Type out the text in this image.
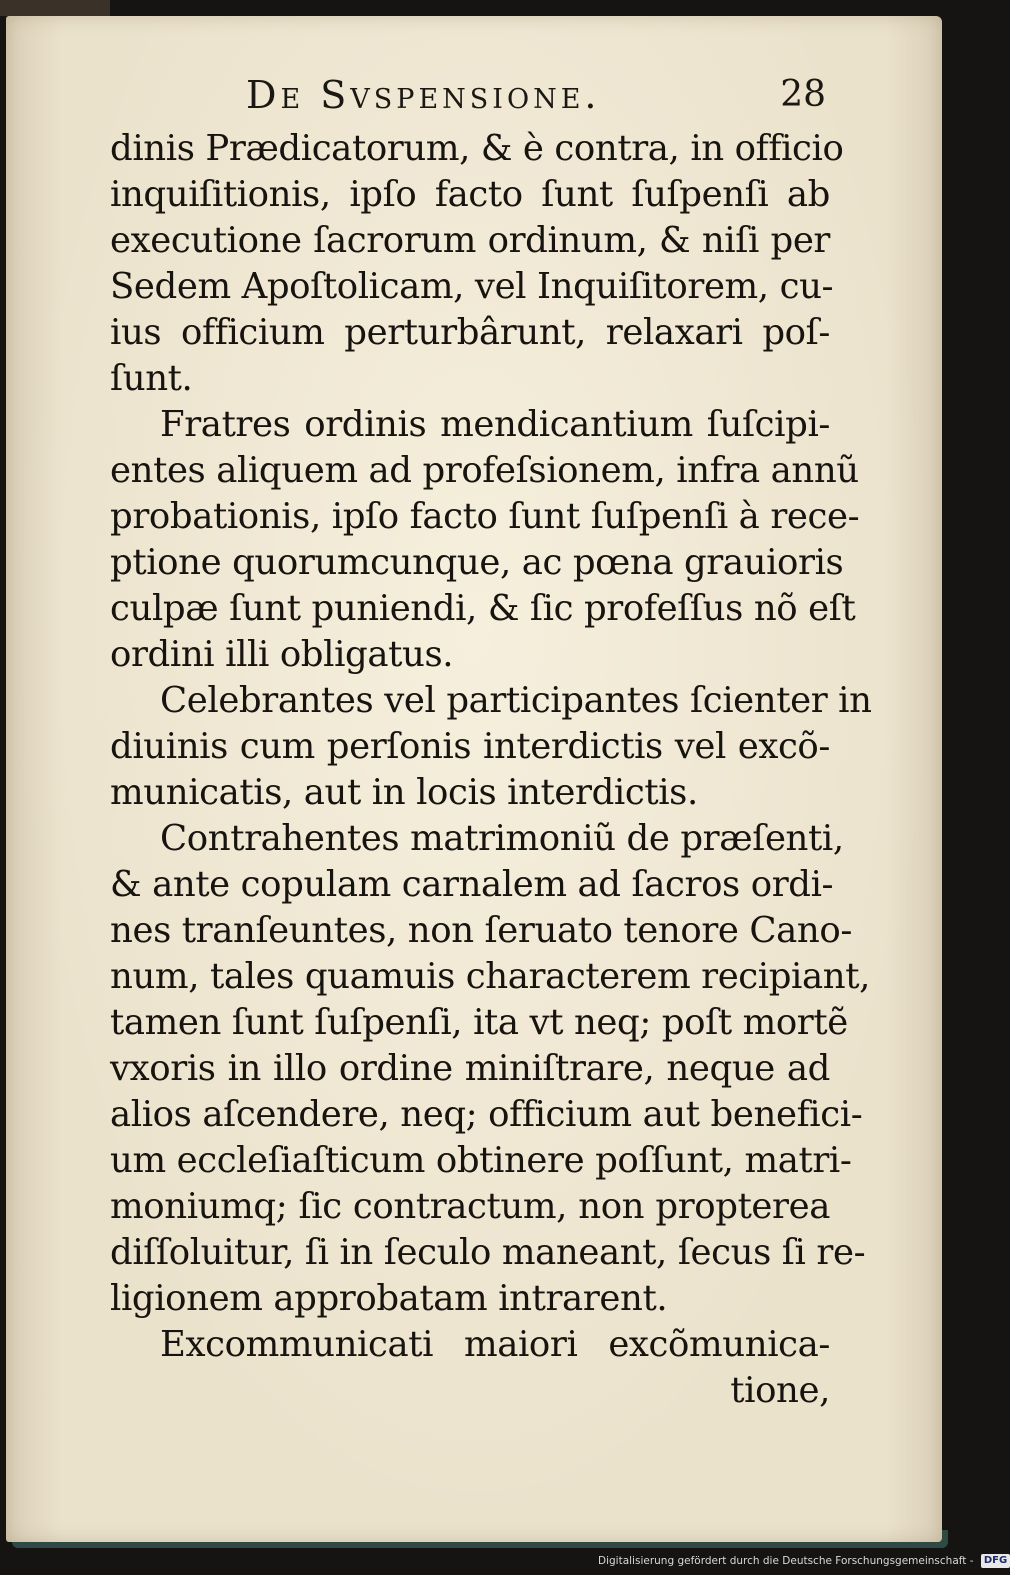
De Svspensione.	28
dinis Prædicatorum, & è contra, in officio
inquiſitionis, ipſo facto ſunt ſuſpenſi ab
executione ſacrorum ordinum, & niſi per
Sedem Apoſtolicam, vel Inquiſitorem, cu-
ius officium perturbârunt, relaxari poſ-
ſunt.
Fratres ordinis mendicantium ſuſcipi-
entes aliquem ad profeſsionem, infra annũ
probationis, ipſo facto ſunt ſuſpenſi à rece-
ptione quorumcunque, ac pœna grauioris
culpæ ſunt puniendi, & ſic profeſſus nõ eſt
ordini illi obligatus.
Celebrantes vel participantes ſcienter in
diuinis cum perſonis interdictis vel excõ-
municatis, aut in locis interdictis.
Contrahentes matrimoniũ de præſenti,
& ante copulam carnalem ad ſacros ordi-
nes tranſeuntes, non ſeruato tenore Cano-
num, tales quamuis characterem recipiant,
tamen ſunt ſuſpenſi, ita vt neq; poſt mortẽ
vxoris in illo ordine miniſtrare, neque ad
alios aſcendere, neq; officium aut benefici-
um eccleſiaſticum obtinere poſſunt, matri-
moniumq; ſic contractum, non propterea
diſſoluitur, ſi in ſeculo maneant, ſecus ſi re-
ligionem approbatam intrarent.
Excommunicati maiori excõmunica-
tione,
Digitalisierung gefördert durch die Deutsche Forschungsgemeinschaft - DFG
